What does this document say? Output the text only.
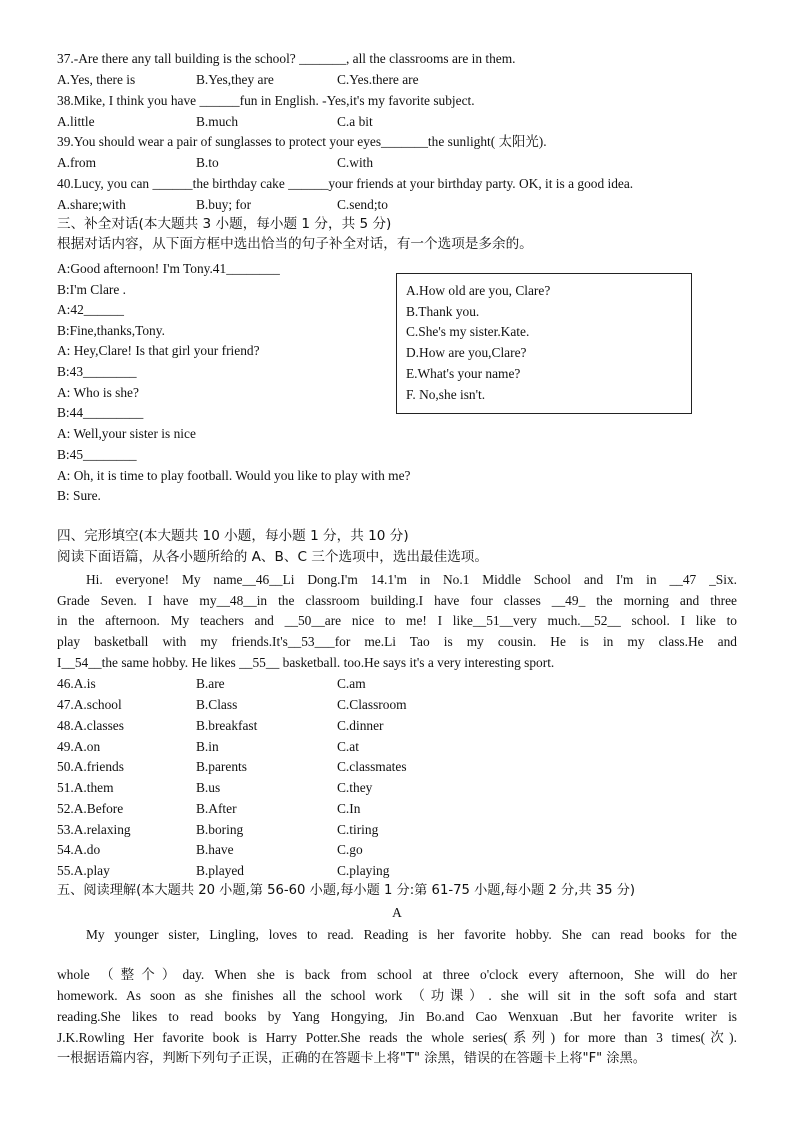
37.-Are there any tall building is the school? _______, all the classrooms are in them.
A.Yes, there is	B.Yes,they are	C.Yes.there are
38.Mike, I think you have ______fun in English. -Yes,it's my favorite subject.
A.little	B.much	C.a bit
39.You should wear a pair of sunglasses to protect your eyes_______the sunlight( 太阳光).
A.from	B.to	C.with
40.Lucy, you can ______the birthday cake ______your friends at your birthday party. OK, it is a good idea.
A.share;with	B.buy; for	C.send;to
三、补全对话(本大题共 3 小题，每小题 1 分，共 5 分)
根据对话内容，从下面方框中选出恰当的句子补全对话，有一个选项是多余的。
A:Good afternoon! I'm Tony.41________
B:I'm Clare .
A:42______
B:Fine,thanks,Tony.
A: Hey,Clare! Is that girl your friend?
B:43________
A: Who is she?
B:44_________
A: Well,your sister is nice
B:45________
A: Oh, it is time to play football. Would you like to play with me?
B: Sure.
A.How old are you, Clare?
B.Thank you.
C.She's my sister.Kate.
D.How are you,Clare?
E.What's your name?
F. No,she isn't.
四、完形填空(本大题共 10 小题，每小题 1 分，共 10 分)
阅读下面语篇，从各小题所给的 A、B、C 三个选项中，选出最佳选项。
Hi. everyone! My name__46__Li Dong.I'm 14.1'm in No.1 Middle School and I'm in __47 _Six.
Grade Seven. I have my__48__in the classroom building.I have four classes __49_ the morning and three
in the afternoon. My teachers and __50__are nice to me! I like__51__very much.__52__ school. I like to
play basketball with my friends.It's__53___for me.Li Tao is my cousin. He is in my class.He and
I__54__the same hobby. He likes __55__ basketball. too.He says it's a very interesting sport.
46.A.is	B.are	C.am
47.A.school	B.Class	C.Classroom
48.A.classes	B.breakfast	C.dinner
49.A.on	B.in	C.at
50.A.friends	B.parents	C.classmates
51.A.them	B.us	C.they
52.A.Before	B.After	C.In
53.A.relaxing	B.boring	C.tiring
54.A.do	B.have	C.go
55.A.play	B.played	C.playing
五、阅读理解(本大题共 20 小题,第 56-60 小题,每小题 1 分:第 61-75 小题,每小题 2 分,共 35 分)
A
My younger sister, Lingling, loves to read. Reading is her favorite hobby. She can read books for the
whole （整个）day. When she is back from school at three o'clock every afternoon, She will do her
homework. As soon as she finishes all the school work （功课）. she will sit in the soft sofa and start
reading.She likes to read books by Yang Hongying, Jin Bo.and Cao Wenxuan .But her favorite writer is
J.K.Rowling Her favorite book is Harry Potter.She reads the whole series(系列) for more than 3 times(次).
一根据语篇内容，判断下列句子正误，正确的在答题卡上将"T" 涂黑，错误的在答题卡上将"F" 涂黑。
